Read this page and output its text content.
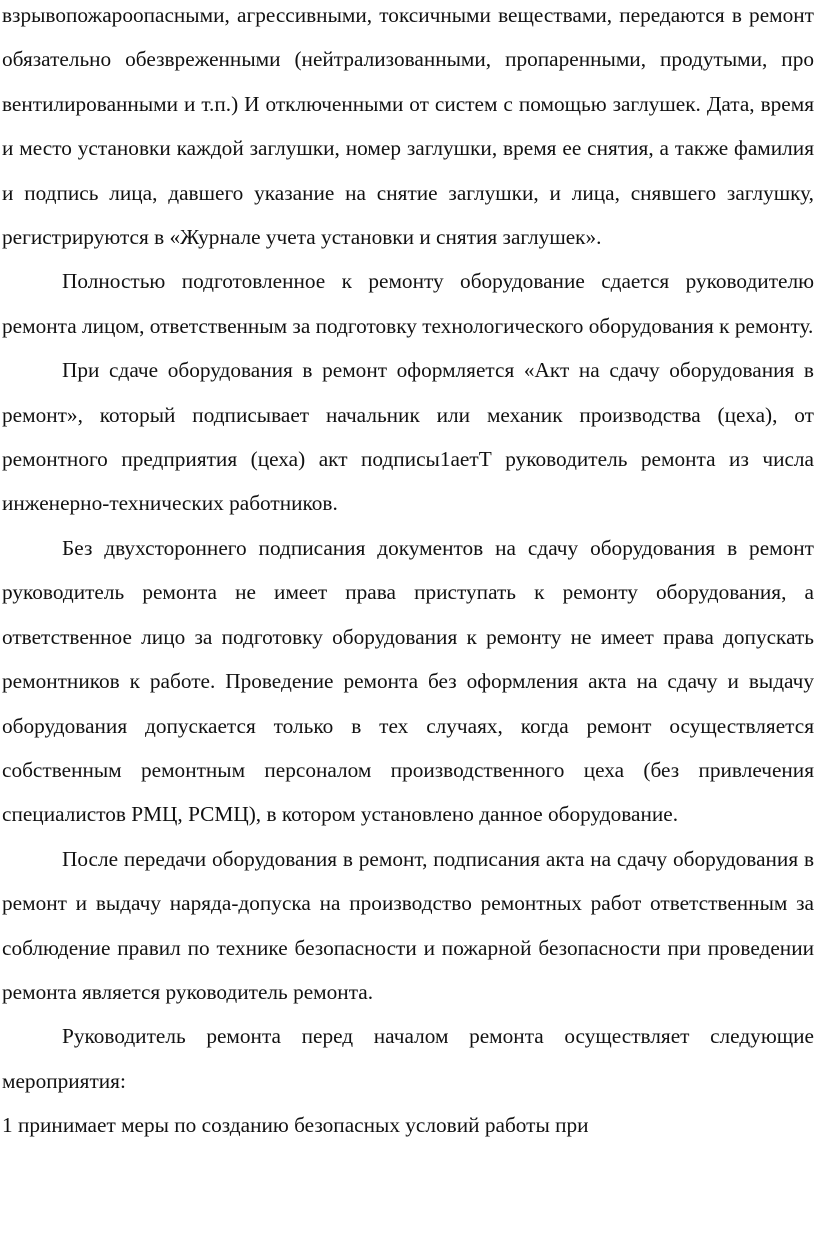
взрывопожароопасными, агрессивными, токсичными веществами, передаются в ремонт обязательно обезвреженными (нейтрализованными, пропаренными, продутыми, про вентилированными и т.п.) И отключенными от систем с помощью заглушек. Дата, время и место установки каждой заглушки, номер заглушки, время ее снятия, а также фамилия и подпись лица, давшего указание на снятие заглушки, и лица, снявшего заглушку, регистрируются в «Журнале учета установки и снятия заглушек».

Полностью подготовленное к ремонту оборудование сдается руководителю ремонта лицом, ответственным за подготовку технологического оборудования к ремонту.

При сдаче оборудования в ремонт оформляется «Акт на сдачу оборудования в ремонт», который подписывает начальник или механик производства (цеха), от ремонтного предприятия (цеха) акт подписы1аетТ руководитель ремонта из числа инженерно-технических работников.

Без двухстороннего подписания документов на сдачу оборудования в ремонт руководитель ремонта не имеет права приступать к ремонту оборудования, а ответственное лицо за подготовку оборудования к ремонту не имеет права допускать ремонтников к работе. Проведение ремонта без оформления акта на сдачу и выдачу оборудования допускается только в тех случаях, когда ремонт осуществляется собственным ремонтным персоналом производственного цеха (без привлечения специалистов РМЦ, РСМЦ), в котором установлено данное оборудование.

После передачи оборудования в ремонт, подписания акта на сдачу оборудования в ремонт и выдачу наряда-допуска на производство ремонтных работ ответственным за соблюдение правил по технике безопасности и пожарной безопасности при проведении ремонта является руководитель ремонта.

Руководитель ремонта перед началом ремонта осуществляет следующие мероприятия:

1 принимает меры по созданию безопасных условий работы при
